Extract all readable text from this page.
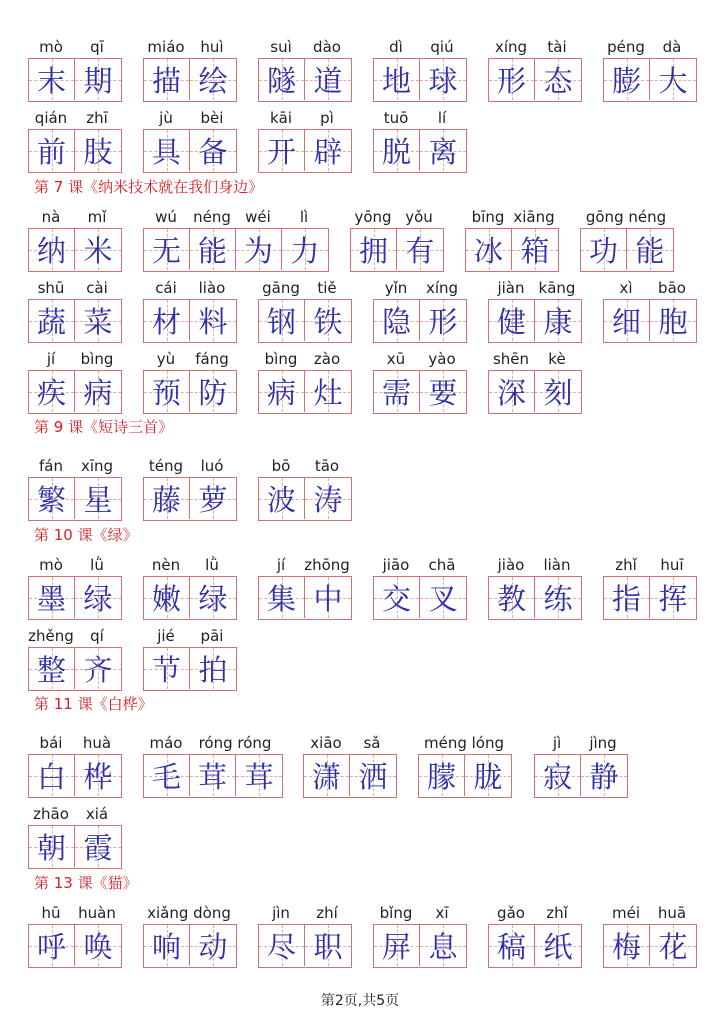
mò	qī
末 期
miáo	huì
描 绘
suì	dào
隧 道
dì	qiú
地 球
xíng	tài
形 态
péng	dà
膨 大
qián	zhī
前 肢
jù	bèi
具 备
kāi	pì
开 辟
tuō	lí
脱 离
第 7 课《纳米技术就在我们身边》
nà	mǐ
纳 米
wú	néng wéi	lì
无 能 为 力
yōng yǒu
拥 有
bīng xiāng
冰 箱
gōng néng
功 能
shū	cài
蔬 菜
cái	liào
材 料
gāng	tiě
钢 铁
yǐn	xíng
隐 形
jiàn kāng
健 康
xì	bāo
细 胞
jí	bìng
疾 病
yù	fáng
预 防
bìng	zào
病 灶
xū	yào
需 要
shēn	kè
深 刻
第 9 课《短诗三首》
fán	xīng
繁 星
téng	luó
藤 萝
bō	tāo
波 涛
第 10 课《绿》
mò	lǜ
墨 绿
nèn	lǜ
嫩 绿
jí	zhōng
集 中
jiāo	chā
交 叉
jiào	liàn
教 练
zhǐ	huī
指 挥
zhěng	qí
整 齐
jié	pāi
节 拍
第 11 课《白桦》
bái	huà
白 桦
máo	róng róng
毛 茸 茸
xiāo	sǎ
潇 洒
méng lóng
朦 胧
jì	jìng
寂 静
zhāo	xiá
朝 霞
第 13 课《猫》
hū	huàn
呼 唤
xiǎng dòng
响 动
jìn	zhí
尽 职
bǐng	xī
屏 息
gǎo	zhǐ
稿 纸
méi	huā
梅 花
第2页,共5页
